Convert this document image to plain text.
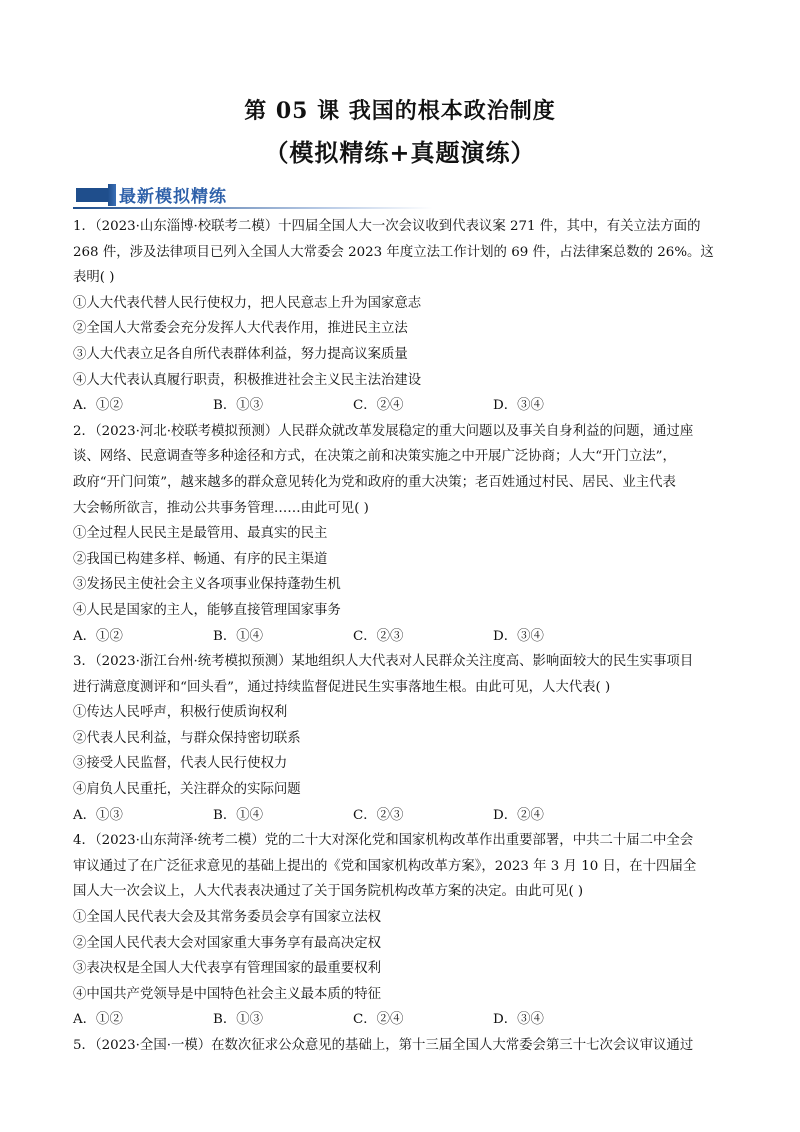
第 05 课 我国的根本政治制度
（模拟精练+真题演练）
最新模拟精练
1．（2023·山东淄博·校联考二模）十四届全国人大一次会议收到代表议案 271 件，其中，有关立法方面的
268 件，涉及法律项目已列入全国人大常委会 2023 年度立法工作计划的 69 件，占法律案总数的 26%。这
表明( )
①人大代表代替人民行使权力，把人民意志上升为国家意志
②全国人大常委会充分发挥人大代表作用，推进民主立法
③人大代表立足各自所代表群体利益，努力提高议案质量
④人大代表认真履行职责，积极推进社会主义民主法治建设
A．①②	B．①③	C．②④	D．③④
2．（2023·河北·校联考模拟预测）人民群众就改革发展稳定的重大问题以及事关自身利益的问题，通过座
谈、网络、民意调查等多种途径和方式，在决策之前和决策实施之中开展广泛协商；人大“开门立法”，
政府“开门问策”，越来越多的群众意见转化为党和政府的重大决策；老百姓通过村民、居民、业主代表
大会畅所欲言，推动公共事务管理……由此可见( )
①全过程人民民主是最管用、最真实的民主
②我国已构建多样、畅通、有序的民主渠道
③发扬民主使社会主义各项事业保持蓬勃生机
④人民是国家的主人，能够直接管理国家事务
A．①②	B．①④	C．②③	D．③④
3．（2023·浙江台州·统考模拟预测）某地组织人大代表对人民群众关注度高、影响面较大的民生实事项目
进行满意度测评和“回头看”，通过持续监督促进民生实事落地生根。由此可见，人大代表( )
①传达人民呼声，积极行使质询权利
②代表人民利益，与群众保持密切联系
③接受人民监督，代表人民行使权力
④肩负人民重托，关注群众的实际问题
A．①③	B．①④	C．②③	D．②④
4．（2023·山东菏泽·统考二模）党的二十大对深化党和国家机构改革作出重要部署，中共二十届二中全会
审议通过了在广泛征求意见的基础上提出的《党和国家机构改革方案》，2023 年 3 月 10 日，在十四届全
国人大一次会议上，人大代表表决通过了关于国务院机构改革方案的决定。由此可见( )
①全国人民代表大会及其常务委员会享有国家立法权
②全国人民代表大会对国家重大事务享有最高决定权
③表决权是全国人大代表享有管理国家的最重要权利
④中国共产党领导是中国特色社会主义最本质的特征
A．①②	B．①③	C．②④	D．③④
5．（2023·全国·一模）在数次征求公众意见的基础上，第十三届全国人大常委会第三十七次会议审议通过
